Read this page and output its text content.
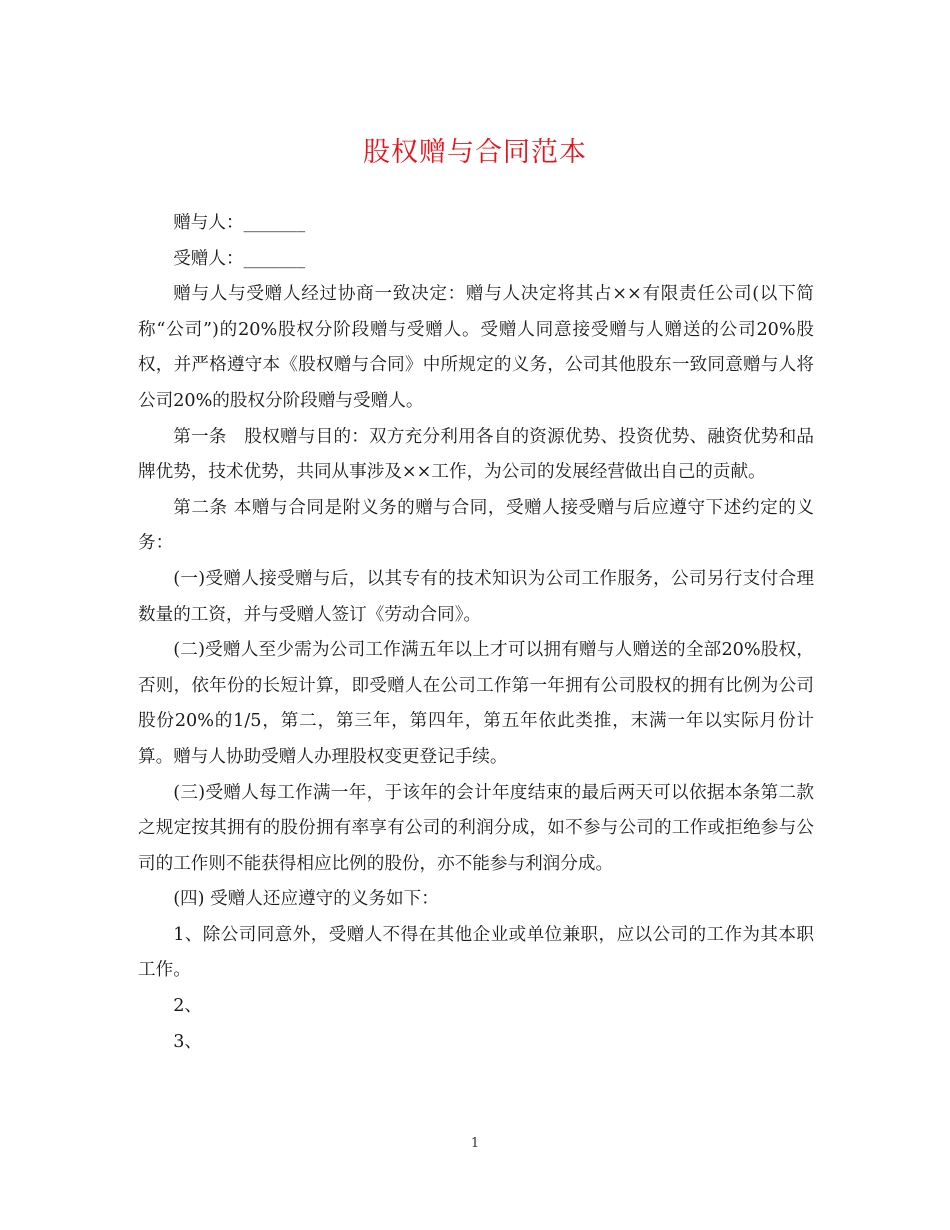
股权赠与合同范本

赠与人：_______

受赠人：_______

赠与人与受赠人经过协商一致决定：赠与人决定将其占××有限责任公司(以下简称“公司”)的20%股权分阶段赠与受赠人。受赠人同意接受赠与人赠送的公司20%股权，并严格遵守本《股权赠与合同》中所规定的义务，公司其他股东一致同意赠与人将公司20%的股权分阶段赠与受赠人。

第一条　股权赠与目的：双方充分利用各自的资源优势、投资优势、融资优势和品牌优势，技术优势，共同从事涉及××工作，为公司的发展经营做出自己的贡献。

第二条 本赠与合同是附义务的赠与合同，受赠人接受赠与后应遵守下述约定的义务：

(一)受赠人接受赠与后，以其专有的技术知识为公司工作服务，公司另行支付合理数量的工资，并与受赠人签订《劳动合同》。

(二)受赠人至少需为公司工作满五年以上才可以拥有赠与人赠送的全部20%股权，否则，依年份的长短计算，即受赠人在公司工作第一年拥有公司股权的拥有比例为公司股份20%的1/5，第二，第三年，第四年，第五年依此类推，末满一年以实际月份计算。赠与人协助受赠人办理股权变更登记手续。

(三)受赠人每工作满一年，于该年的会计年度结束的最后两天可以依据本条第二款之规定按其拥有的股份拥有率享有公司的利润分成，如不参与公司的工作或拒绝参与公司的工作则不能获得相应比例的股份，亦不能参与利润分成。

(四) 受赠人还应遵守的义务如下：

1、除公司同意外，受赠人不得在其他企业或单位兼职，应以公司的工作为其本职工作。

2、

3、

1
